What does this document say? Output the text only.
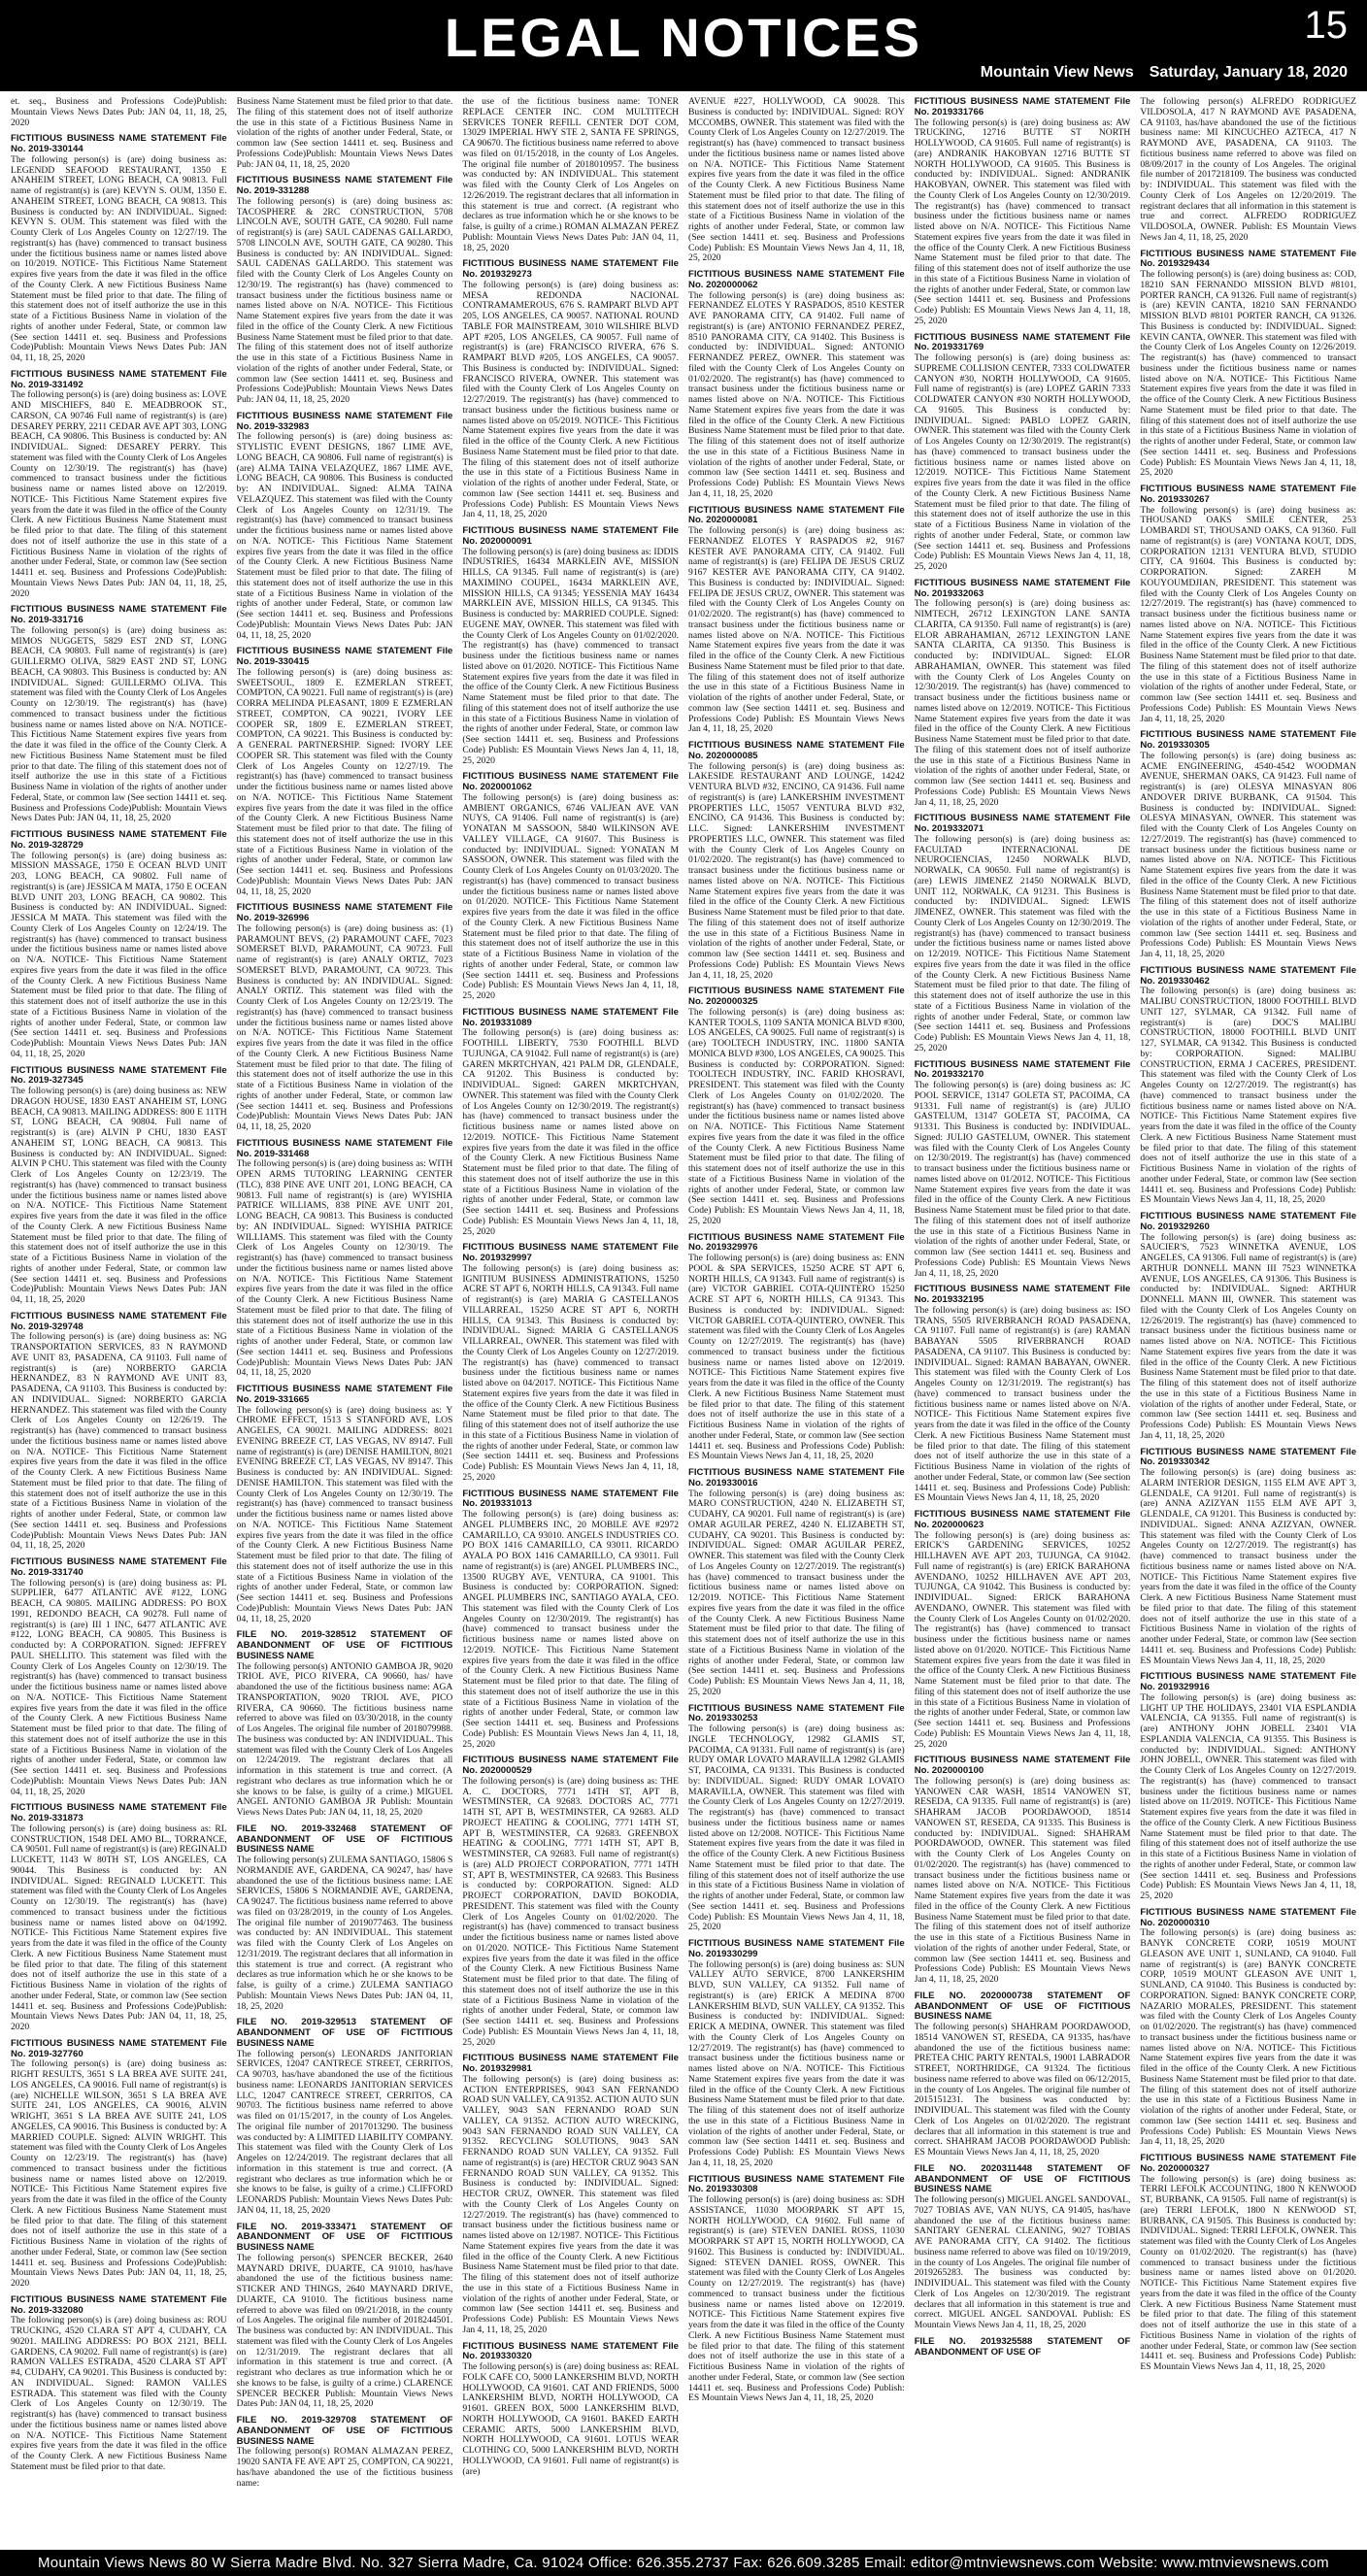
LEGAL NOTICES	15
Mountain View News Saturday, January 18, 2020
et. seq., Business and Professions Code)Publish: Mountain Views News Dates Pub: JAN 04, 11, 18, 25, 2020
FICTITIOUS BUSINESS NAME STATEMENT File No. 2019-330144
The following person(s) is (are) doing business as: LEGENDD SEAFOOD RESTAURANT, 1350 E ANAHEIM STREET, LONG BEACH, CA 90813. Full name of registrant(s) is (are) KEVYN S. OUM, 1350 E. ANAHEIM STREET, LONG BEACH, CA 90813. This Business is conducted by: AN INDIVIDUAL. Signed: KEVYN S. OUM. This statement was filed with the County Clerk of Los Angeles County on 12/27/19. The registrant(s) has (have) commenced to transact business under the fictitious business name or names listed above on 10/2019. NOTICE- This Fictitious Name Statement expires five years from the date it was filed in the office of the County Clerk. A new Fictitious Business Name Statement must be filed prior to that date. The filing of this statement does not of itself authorize the use in this state of a Fictitious Business Name in violation of the rights of another under Federal, State, or common law (See section 14411 et. seq. Business and Professions Code)Publish: Mountain Views News Dates Pub: JAN 04, 11, 18, 25, 2020
FICTITIOUS BUSINESS NAME STATEMENT File No. 2019-331492
The following person(s) is (are) doing business as: LOVE AND MISCHIEFS, 840 E. MEADBROOK ST., CARSON, CA 90746 Full name of registrant(s) is (are) DESAREY PERRY, 2211 CEDAR AVE APT 303, LONG BEACH, CA 90806. This Business is conducted by: AN INDIVIDUAL. Signed: DESAREY PERRY. This statement was filed with the County Clerk of Los Angeles County on 12/30/19. The registrant(s) has (have) commenced to transact business under the fictitious business name or names listed above on 12/2019. NOTICE- This Fictitious Name Statement expires five years from the date it was filed in the office of the County Clerk. A new Fictitious Business Name Statement must be filed prior to that date. The filing of this statement does not of itself authorize the use in this state of a Fictitious Business Name in violation of the rights of another under Federal, State, or common law (See section 14411 et. seq. Business and Professions Code)Publish: Mountain Views News Dates Pub: JAN 04, 11, 18, 25, 2020
FICTITIOUS BUSINESS NAME STATEMENT File No. 2019-331716
The following person(s) is (are) doing business as: MIMOS NUGGETS, 5829 EST 2ND ST, LONG BEACH, CA 90803. Full name of registrant(s) is (are) GUILLERMO OLIVA, 5829 EAST 2ND ST, LONG BEACH, CA 90803. This Business is conducted by: AN INDIVIDUAL. Signed: GUILLERMO OLIVA. This statement was filed with the County Clerk of Los Angeles County on 12/30/19. The registrant(s) has (have) commenced to transact business under the fictitious business name or names listed above on N/A. NOTICE- This Fictitious Name Statement expires five years from the date it was filed in the office of the County Clerk. A new Fictitious Business Name Statement must be filed prior to that date. The filing of this statement does not of itself authorize the use in this state of a Fictitious Business Name in violation of the rights of another under Federal, State, or common law (See section 14411 et. seq. Business and Professions Code)Publish: Mountain Views News Dates Pub: JAN 04, 11, 18, 25, 2020
FICTITIOUS BUSINESS NAME STATEMENT File No. 2019-328729
The following person(s) is (are) doing business as: MISSION MASSAGE, 1750 E OCEAN BLVD UNIT 203, LONG BEACH, CA 90802. Full name of registrant(s) is (are) JESSICA M MATA, 1750 E OCEAN BLVD UNIT 203, LONG BEACH, CA 90802. This Business is conducted by: AN INDIVIDUAL. Signed: JESSICA M MATA. This statement was filed with the County Clerk of Los Angeles County on 12/24/19. The registrant(s) has (have) commenced to transact business under the fictitious business name or names listed above on N/A. NOTICE- This Fictitious Name Statement expires five years from the date it was filed in the office of the County Clerk. A new Fictitious Business Name Statement must be filed prior to that date. The filing of this statement does not of itself authorize the use in this state of a Fictitious Business Name in violation of the rights of another under Federal, State, or common law (See section 14411 et. seq. Business and Professions Code)Publish: Mountain Views News Dates Pub: JAN 04, 11, 18, 25, 2020
FICTITIOUS BUSINESS NAME STATEMENT File No. 2019-327345
The following person(s) is (are) doing business as: NEW DRAGON HOUSE, 1830 EAST ANAHEIM ST, LONG BEACH, CA 90813. MAILING ADDRESS: 800 E 11TH ST, LONG BEACH, CA 90804. Full name of registrant(s) is (are) ALVIN P CHU, 1830 EAST ANAHEIM ST, LONG BEACH, CA 90813. This Business is conducted by: AN INDIVIDUAL. Signed: ALVIN P CHU. This statement was filed with the County Clerk of Los Angeles County on 12/23/19. The registrant(s) has (have) commenced to transact business under the fictitious business name or names listed above on N/A. NOTICE- This Fictitious Name Statement expires five years from the date it was filed in the office of the County Clerk. A new Fictitious Business Name Statement must be filed prior to that date. The filing of this statement does not of itself authorize the use in this state of a Fictitious Business Name in violation of the rights of another under Federal, State, or common law (See section 14411 et. seq. Business and Professions Code)Publish: Mountain Views News Dates Pub: JAN 04, 11, 18, 25, 2020
FICTITIOUS BUSINESS NAME STATEMENT File No. 2019-329748
The following person(s) is (are) doing business as: NG TRANSPORTATION SERVICES, 83 N RAYMOND AVE UNIT 83, PASADENA, CA 91103. Full name of registrant(s) is (are) NORBERTO GARCIA HERNANDEZ, 83 N RAYMOND AVE UNIT 83, PASADENA, CA 91103. This Business is conducted by: AN INDIVIDUAL. Signed: NORBERTO GARCIA HERNANDEZ. This statement was filed with the County Clerk of Los Angeles County on 12/26/19. The registrant(s) has (have) commenced to transact business under the fictitious business name or names listed above on N/A. NOTICE- This Fictitious Name Statement expires five years from the date it was filed in the office of the County Clerk. A new Fictitious Business Name Statement must be filed prior to that date. The filing of this statement does not of itself authorize the use in this state of a Fictitious Business Name in violation of the rights of another under Federal, State, or common law (See section 14411 et. seq. Business and Professions Code)Publish: Mountain Views News Dates Pub: JAN 04, 11, 18, 25, 2020
FICTITIOUS BUSINESS NAME STATEMENT File No. 2019-331740
The following person(s) is (are) doing business as: PL SUPPLIER, 6477 ATLANTIC AVE #122, LONG BEACH, CA 90805. MAILING ADDRESS: PO BOX 1991, REDONDO BEACH, CA 90278. Full name of registrant(s) is (are) III 1 INC, 6477 ATLANTIC AVE #122, LONG BEACH, CA 90805. This Business is conducted by: A CORPORATION. Signed: JEFFREY PAUL SHELLITO. This statement was filed with the County Clerk of Los Angeles County on 12/30/19. The registrant(s) has (have) commenced to transact business under the fictitious business name or names listed above on N/A. NOTICE- This Fictitious Name Statement expires five years from the date it was filed in the office of the County Clerk. A new Fictitious Business Name Statement must be filed prior to that date. The filing of this statement does not of itself authorize the use in this state of a Fictitious Business Name in violation of the rights of another under Federal, State, or common law (See section 14411 et. seq. Business and Professions Code)Publish: Mountain Views News Dates Pub: JAN 04, 11, 18, 25, 2020
FICTITIOUS BUSINESS NAME STATEMENT File No. 2019-331873
The following person(s) is (are) doing business as: RL CONSTRUCTION, 1548 DEL AMO BL., TORRANCE, CA 90501. Full name of registrant(s) is (are) REGINALD LUCKETT, 1143 W 80TH ST, LOS ANGELES, CA 90044. This Business is conducted by: AN INDIVIDUAL. Signed: REGINALD LUCKETT. This statement was filed with the County Clerk of Los Angeles County on 12/30/19. The registrant(s) has (have) commenced to transact business under the fictitious business name or names listed above on 04/1992. NOTICE- This Fictitious Name Statement expires five years from the date it was filed in the office of the County Clerk. A new Fictitious Business Name Statement must be filed prior to that date. The filing of this statement does not of itself authorize the use in this state of a Fictitious Business Name in violation of the rights of another under Federal, State, or common law (See section 14411 et. seq. Business and Professions Code)Publish: Mountain Views News Dates Pub: JAN 04, 11, 18, 25, 2020
FICTITIOUS BUSINESS NAME STATEMENT File No. 2019-327760
The following person(s) is (are) doing business as: RIGHT RESULTS, 3651 S LA BREA AVE SUITE 241, LOS ANGELES, CA 90016. Full name of registrant(s) is (are) NICHELLE WILSON, 3651 S LA BREA AVE SUITE 241, LOS ANGELES, CA 90016, ALVIN WRIGHT, 3651 S LA BREA AVE SUITE 241, LOS ANGELES, CA 90016. This Business is conducted by: A MARRIED COUPLE. Signed: ALVIN WRIGHT. This statement was filed with the County Clerk of Los Angeles County on 12/23/19. The registrant(s) has (have) commenced to transact business under the fictitious business name or names listed above on 12/2019. NOTICE- This Fictitious Name Statement expires five years from the date it was filed in the office of the County Clerk. A new Fictitious Business Name Statement must be filed prior to that date. The filing of this statement does not of itself authorize the use in this state of a Fictitious Business Name in violation of the rights of another under Federal, State, or common law (See section 14411 et. seq. Business and Professions Code)Publish: Mountain Views News Dates Pub: JAN 04, 11, 18, 25, 2020
FICTITIOUS BUSINESS NAME STATEMENT File No. 2019-332080
The following person(s) is (are) doing business as: ROU TRUCKING, 4520 CLARA ST APT 4, CUDAHY, CA 90201. MAILING ADDRESS: PO BOX 2121, BELL GARDENS, CA 90202. Full name of registrant(s) is (are) RAMON VALLES ESTRADA, 4520 CLARA ST APT #4, CUDAHY, CA 90201. This Business is conducted by: AN INDIVIDUAL. Signed: RAMON VALLES ESTRADA. This statement was filed with the County Clerk of Los Angeles County on 12/30/19. The registrant(s) has (have) commenced to transact business under the fictitious business name or names listed above on N/A. NOTICE- This Fictitious Name Statement expires five years from the date it was filed in the office of the County Clerk. A new Fictitious Business Name Statement must be filed prior to that date.
Business Name Statement must be filed prior to that date. The filing of this statement does not of itself authorize the use in this state of a Fictitious Business Name in violation of the rights of another under Federal, State, or common law (See section 14411 et. seq. Business and Professions Code)Publish: Mountain Views News Dates Pub: JAN 04, 11, 18, 25, 2020
FICTITIOUS BUSINESS NAME STATEMENT File No. 2019-331288
The following person(s) is (are) doing business as: TACOSPHERE & 2RC CONSTRUCTION, 5708 LINCOLN AVE, SOUTH GATE, CA 90280. Full name of registrant(s) is (are) SAUL CADENAS GALLARDO, 5708 LINCOLN AVE, SOUTH GATE, CA 90280. This Business is conducted by: AN INDIVIDUAL. Signed: SAUL CADENAS GALLARDO. This statement was filed with the County Clerk of Los Angeles County on 12/30/19. The registrant(s) has (have) commenced to transact business under the fictitious business name or names listed above on N/A. NOTICE- This Fictitious Name Statement expires five years from the date it was filed in the office of the County Clerk. A new Fictitious Business Name Statement must be filed prior to that date. The filing of this statement does not of itself authorize the use in this state of a Fictitious Business Name in violation of the rights of another under Federal, State, or common law (See section 14411 et. seq. Business and Professions Code)Publish: Mountain Views News Dates Pub: JAN 04, 11, 18, 25, 2020
FICTITIOUS BUSINESS NAME STATEMENT File No. 2019-332983
The following person(s) is (are) doing business as: STYLISTIC EVENT DESIGNS, 1867 LIME AVE, LONG BEACH, CA 90806. Full name of registrant(s) is (are) ALMA TAINA VELAZQUEZ, 1867 LIME AVE, LONG BEACH, CA 90806. This Business is conducted by: AN INDIVIDUAL. Signed: ALMA TAINA VELAZQUEZ. This statement was filed with the County Clerk of Los Angeles County on 12/31/19. The registrant(s) has (have) commenced to transact business under the fictitious business name or names listed above on N/A. NOTICE- This Fictitious Name Statement expires five years from the date it was filed in the office of the County Clerk. A new Fictitious Business Name Statement must be filed prior to that date. The filing of this statement does not of itself authorize the use in this state of a Fictitious Business Name in violation of the rights of another under Federal, State, or common law (See section 14411 et. seq. Business and Professions Code)Publish: Mountain Views News Dates Pub: JAN 04, 11, 18, 25, 2020
FICTITIOUS BUSINESS NAME STATEMENT File No. 2019-330415
The following person(s) is (are) doing business as: SWEETSOUL, 1809 E. EZMERLAN STREET, COMPTON, CA 90221. Full name of registrant(s) is (are) CORRA MELINDA PLEASANT, 1809 E EZMERLAN STREET, COMPTON, CA 90221, IVORY LEE COOPER SR, 1809 E. EZMERLAN STREET, COMPTON, CA 90221. This Business is conducted by: A GENERAL PARTNERSHIP. Signed: IVORY LEE COOPER SR. This statement was filed with the County Clerk of Los Angeles County on 12/27/19. The registrant(s) has (have) commenced to transact business under the fictitious business name or names listed above on N/A. NOTICE- This Fictitious Name Statement expires five years from the date it was filed in the office of the County Clerk. A new Fictitious Business Name Statement must be filed prior to that date. The filing of this statement does not of itself authorize the use in this state of a Fictitious Business Name in violation of the rights of another under Federal, State, or common law (See section 14411 et. seq. Business and Professions Code)Publish: Mountain Views News Dates Pub: JAN 04, 11, 18, 25, 2020
FICTITIOUS BUSINESS NAME STATEMENT File No. 2019-326996
The following person(s) is (are) doing business as: (1) PARAMOUNT BEVS, (2) PARAMOUNT CAFE, 7023 SOMERSET BLVD, PARAMOUNT, CA 90723. Full name of registrant(s) is (are) ANALY ORTIZ, 7023 SOMERSET BLVD, PARAMOUNT, CA 90723. This Business is conducted by: AN INDIVIDUAL. Signed: ANALY ORTIZ. This statement was filed with the County Clerk of Los Angeles County on 12/23/19. The registrant(s) has (have) commenced to transact business under the fictitious business name or names listed above on N/A. NOTICE- This Fictitious Name Statement expires five years from the date it was filed in the office of the County Clerk. A new Fictitious Business Name Statement must be filed prior to that date. The filing of this statement does not of itself authorize the use in this state of a Fictitious Business Name in violation of the rights of another under Federal, State, or common law (See section 14411 et. seq. Business and Professions Code)Publish: Mountain Views News Dates Pub: JAN 04, 11, 18, 25, 2020
FICTITIOUS BUSINESS NAME STATEMENT File No. 2019-331468
The following person(s) is (are) doing business as: WITH OPEN ARMS TUTORING LEARNING CENTER (TLC), 838 PINE AVE UNIT 201, LONG BEACH, CA 90813. Full name of registrant(s) is (are) WYISHIA PATRICE WILLIAMS, 838 PINE AVE UNIT 201, LONG BEACH, CA 90813. This Business is conducted by: AN INDIVIDUAL. Signed: WYISHIA PATRICE WILLIAMS. This statement was filed with the County Clerk of Los Angeles County on 12/30/19. The registrant(s) has (have) commenced to transact business under the fictitious business name or names listed above on N/A. NOTICE- This Fictitious Name Statement expires five years from the date it was filed in the office of the County Clerk. A new Fictitious Business Name Statement must be filed prior to that date. The filing of this statement does not of itself authorize the use in this state of a Fictitious Business Name in violation of the rights of another under Federal, State, or common law (See section 14411 et. seq. Business and Professions Code)Publish: Mountain Views News Dates Pub: JAN 04, 11, 18, 25, 2020
FICTITIOUS BUSINESS NAME STATEMENT File No. 2019-331665
The following person(s) is (are) doing business as: Y CHROME EFFECT, 1513 S STANFORD AVE, LOS ANGELES, CA 90021. MAILING ADDRESS: 8021 EVENING BREEZE CT, LAS VEGAS, NV 89147. Full name of registrant(s) is (are) DENISE HAMILTON, 8021 EVENING BREEZE CT, LAS VEGAS, NV 89147. This Business is conducted by: AN INDIVIDUAL. Signed: DENISE HAMILTON. This statement was filed with the County Clerk of Los Angeles County on 12/30/19. The registrant(s) has (have) commenced to transact business under the fictitious business name or names listed above on N/A. NOTICE- This Fictitious Name Statement expires five years from the date it was filed in the office of the County Clerk. A new Fictitious Business Name Statement must be filed prior to that date. The filing of this statement does not of itself authorize the use in this state of a Fictitious Business Name in violation of the rights of another under Federal, State, or common law (See section 14411 et. seq. Business and Professions Code)Publish: Mountain Views News Dates Pub: JAN 04, 11, 18, 25, 2020
FILE NO. 2019-328512 STATEMENT OF ABANDONMENT OF USE OF FICTITIOUS BUSINESS NAME
The following person(s) ANTONIO GAMBOA JR, 9020 TRIOL AVE, PICO RIVERA, CA 90660, has/ have abandoned the use of the fictitious business name: AGA TRANSPORTATION, 9020 TRIOL AVE, PICO RIVERA, CA 90660. The fictitious business name referred to above was filed on 03/30/2018, in the county of Los Angeles. The original file number of 2018079988. The business was conducted by: AN INDIVIDUAL. This statement was filed with the County Clerk of Los Angeles on 12/24/2019. The registrant declares that all information in this statement is true and correct. (A registrant who declares as true information which he or she knows to be false, is guilty of a crime.) MIGUEL ANGEL ANTONIO GAMBOA JR Publish: Mountain Views News Dates Pub: JAN 04, 11, 18, 25, 2020
FILE NO. 2019-332468 STATEMENT OF ABANDONMENT OF USE OF FICTITIOUS BUSINESS NAME
The following person(s) ZULEMA SANTIAGO, 15806 S NORMANDIE AVE, GARDENA, CA 90247, has/ have abandoned the use of the fictitious business name: LAE SERVICES, 15806 S NORMANDIE AVE, GARDENA, CA 90247. The fictitious business name referred to above was filed on 03/28/2019, in the county of Los Angeles. The original file number of 2019077463. The business was conducted by: AN INDIVIDUAL. This statement was filed with the County Clerk of Los Angeles on 12/31/2019. The registrant declares that all information in this statement is true and correct. (A registrant who declares as true information which he or she knows to be false, is guilty of a crime.) ZULEMA SANTIAGO Publish: Mountain Views News Dates Pub: JAN 04, 11, 18, 25, 2020
FILE NO. 2019-329513 STATEMENT OF ABANDONMENT OF USE OF FICTITIOUS BUSINESS NAME
The following person(s) LEONARDS JANITORIAN SERVICES, 12047 CANTRECE STREET, CERRITOS, CA 90703, has/have abandoned the use of the fictitious business name: LEONARDS JANITORIAN SERVICES LLC, 12047 CANTRECE STREET, CERRITOS, CA 90703. The fictitious business name referred to above was filed on 01/15/2017, in the county of Los Angeles. The original file number of 2017013290. The business was conducted by: A LIMITED LIABILITY COMPANY. This statement was filed with the County Clerk of Los Angeles on 12/24/2019. The registrant declares that all information in this statement is true and correct. (A registrant who declares as true information which he or she knows to be false, is guilty of a crime.) CLIFFORD LEONARDS Publish: Mountain Views News Dates Pub: JAN 04, 11, 18, 25, 2020
FILE NO. 2019-333471 STATEMENT OF ABANDONMENT OF USE OF FICTITIOUS BUSINESS NAME
The following person(s) SPENCER BECKER, 2640 MAYNARD DRIVE, DUARTE, CA 91010, has/have abandoned the use of the fictitious business name: STICKER AND THINGS, 2640 MAYNARD DRIVE, DUARTE, CA 91010. The fictitious business name referred to above was filed on 09/21/2018, in the county of Los Angeles. The original file number of 2018244501. The business was conducted by: AN INDIVIDUAL. This statement was filed with the County Clerk of Los Angeles on 12/31/2019. The registrant declares that all information in this statement is true and correct. (A registrant who declares as true information which he or she knows to be false, is guilty of a crime.) CLARENCE SPENCER BECKER Publish: Mountain Views News Dates Pub: JAN 04, 11, 18, 25, 2020
FILE NO. 2019-329708 STATEMENT OF ABANDONMENT OF USE OF FICTITIOUS BUSINESS NAME
The following person(s) ROMAN ALMAZAN PEREZ, 19020 SANTA FE AVE APT 25, COMPTON, CA 90221, has/have abandoned the use of the fictitious business name:
the use of the fictitious business name: TONER REPLACE CENTER INC. COM MULTITECH SERVICES TONER REFILL CENTER DOT COM, 13029 IMPERIAL HWY STE 2, SANTA FE SPRINGS, CA 90670. The fictitious business name referred to above was filed on 01/15/2018, in the county of Los Angeles. The original file number of 2018010957. The business was conducted by: AN INDIVIDUAL. This statement was filed with the County Clerk of Los Angeles on 12/26/2019. The registrant declares that all information in this statement is true and correct. (A registrant who declares as true information which he or she knows to be false, is guilty of a crime.) ROMAN ALMAZAN PEREZ Publish: Mountain Views News Dates Pub: JAN 04, 11, 18, 25, 2020
FICTITIOUS BUSINESS NAME STATEMENT File No. 2019329273
The following person(s) is (are) doing business as: MESA REDONDA NACIONAL CONTRAMAMEROUS, 676 S. RAMPART BLVD APT 205, LOS ANGELES, CA 90057. NATIONAL ROUND TABLE FOR MAINSTREAM, 3010 WILSHIRE BLVD APT #205, LOS ANGELES, CA 90057. Full name of registrant(s) is (are) FRANCISCO RIVERA, 676 S. RAMPART BLVD #205, LOS ANGELES, CA 90057. This Business is conducted by: INDIVIDUAL. Signed: FRANCISCO RIVERA, OWNER. This statement was filed with the County Clerk of Los Angeles County on 12/27/2019. The registrant(s) has (have) commenced to transact business under the fictitious business name or names listed above on 05/2019. NOTICE- This Fictitious Name Statement expires five years from the date it was filed in the office of the County Clerk. A new Fictitious Business Name Statement must be filed prior to that date. The filing of this statement does not of itself authorize the use in this state of a Fictitious Business Name in violation of the rights of another under Federal, State, or common law (See section 14411 et. seq. Business and Professions Code) Publish: ES Mountain Views News Jan 4, 11, 18, 25, 2020
FICTITIOUS BUSINESS NAME STATEMENT File No. 2020000091
The following person(s) is (are) doing business as: IDDIS INDUSTRIES, 16434 MARKLEIN AVE, MISSION HILLS, CA 91345. Full name of registrant(s) is (are) MAXIMINO COUPEL, 16434 MARKLEIN AVE, MISSION HILLS, CA 91345; YESSENIA MAY 16434 MARKLEIN AVE, MISSION HILLS, CA 91345. This Business is conducted by: MARRIED COUPLE. Signed: EUGENE MAY, OWNER. This statement was filed with the County Clerk of Los Angeles County on 01/02/2020. The registrant(s) has (have) commenced to transact business under the fictitious business name or names listed above on 01/2020. NOTICE- This Fictitious Name Statement expires five years from the date it was filed in the office of the County Clerk. A new Fictitious Business Name Statement must be filed prior to that date. The filing of this statement does not of itself authorize the use in this state of a Fictitious Business Name in violation of the rights of another under Federal, State, or common law (See section 14411 et. seq. Business and Professions Code) Publish: ES Mountain Views News Jan 4, 11, 18, 25, 2020
FICTITIOUS BUSINESS NAME STATEMENT File No. 2020001062
The following person(s) is (are) doing business as: AMBIENT ORGANICS, 6746 VALJEAN AVE VAN NUYS, CA 91406. Full name of registrant(s) is (are) YONATAN M SASSOON, 5840 WILKINSON AVE VALLEY VILLAGE, CA 91607. This Business is conducted by: INDIVIDUAL. Signed: YONATAN M SASSOON, OWNER. This statement was filed with the County Clerk of Los Angeles County on 01/03/2020. The registrant(s) has (have) commenced to transact business under the fictitious business name or names listed above on 01/2020. NOTICE- This Fictitious Name Statement expires five years from the date it was filed in the office of the County Clerk. A new Fictitious Business Name Statement must be filed prior to that date. The filing of this statement does not of itself authorize the use in this state of a Fictitious Business Name in violation of the rights of another under Federal, State, or common law (See section 14411 et. seq. Business and Professions Code) Publish: ES Mountain Views News Jan 4, 11, 18, 25, 2020
FICTITIOUS BUSINESS NAME STATEMENT File No. 2019331089
The following person(s) is (are) doing business as: FOOTHILL LIBERTY, 7530 FOOTHILL BLVD TUJUNGA, CA 91042. Full name of registrant(s) is (are) GAREN MKRTCHYAN, 421 PALM DR, GLENDALE, CA 91202. This Business is conducted by: INDIVIDUAL. Signed: GAREN MKRTCHYAN, OWNER. This statement was filed with the County Clerk of Los Angeles County on 12/30/2019. The registrant(s) has (have) commenced to transact business under the fictitious business name or names listed above on 12/2019. NOTICE- This Fictitious Name Statement expires five years from the date it was filed in the office of the County Clerk. A new Fictitious Business Name Statement must be filed prior to that date. The filing of this statement does not of itself authorize the use in this state of a Fictitious Business Name in violation of the rights of another under Federal, State, or common law (See section 14411 et. seq. Business and Professions Code) Publish: ES Mountain Views News Jan 4, 11, 18, 25, 2020
FICTITIOUS BUSINESS NAME STATEMENT File No. 2019329997
The following person(s) is (are) doing business as: IGNITIUM BUSINESS ADMINISTRATIONS, 15250 ACRE ST APT 6, NORTH HILLS, CA 91343. Full name of registrant(s) is (are) MARIA G CASTELLANOS VILLARREAL, 15250 ACRE ST APT 6, NORTH HILLS, CA 91343. This Business is conducted by: INDIVIDUAL. Signed: MARIA G CASTELLANOS VILLARREAL, OWNER. This statement was filed with the County Clerk of Los Angeles County on 12/27/2019. The registrant(s) has (have) commenced to transact business under the fictitious business name or names listed above on 04/2017. NOTICE- This Fictitious Name Statement expires five years from the date it was filed in the office of the County Clerk. A new Fictitious Business Name Statement must be filed prior to that date. The filing of this statement does not of itself authorize the use in this state of a Fictitious Business Name in violation of the rights of another under Federal, State, or common law (See section 14411 et. seq. Business and Professions Code) Publish: ES Mountain Views News Jan 4, 11, 18, 25, 2020
FICTITIOUS BUSINESS NAME STATEMENT File No. 2019331013
The following person(s) is (are) doing business as: ANGEL PLUMBERS INC, 20 MOBILE AVE #2972 CAMARILLO, CA 93010. ANGELS INDUSTRIES CO. PO BOX 1416 CAMARILLO, CA 93011. RICARDO AYALA PO BOX 1416 CAMARILLO, CA 93011. Full name of registrant(s) is (are) ANGEL PLUMBERS INC., 13500 RUGBY AVE, VENTURA, CA 91001. This Business is conducted by: CORPORATION. Signed: ANGEL PLUMBERS INC, SANTIAGO AYALA, CEO. This statement was filed with the County Clerk of Los Angeles County on 12/30/2019. The registrant(s) has (have) commenced to transact business under the fictitious business name or names listed above on 12/2019. NOTICE- This Fictitious Name Statement expires five years from the date it was filed in the office of the County Clerk. A new Fictitious Business Name Statement must be filed prior to that date. The filing of this statement does not of itself authorize the use in this state of a Fictitious Business Name in violation of the rights of another under Federal, State, or common law (See section 14411 et. seq. Business and Professions Code) Publish: ES Mountain Views News Jan 4, 11, 18, 25, 2020
FICTITIOUS BUSINESS NAME STATEMENT File No. 2020000529
The following person(s) is (are) doing business as: THE A. C. DOCTORS, 7771 14TH ST, APT B, WESTMINSTER, CA 92683. DOCTORS AC, 7771 14TH ST, APT B, WESTMINSTER, CA 92683. ALD PROJECT HEATING & COOLING, 7771 14TH ST, APT B, WESTMINSTER, CA 92683. GREENBOX HEATING & COOLING, 7771 14TH ST, APT B, WESTMINSTER, CA 92683. Full name of registrant(s) is (are) ALD PROJECT CORPORATION, 7771 14TH ST, APT B, WESTMINSTER, CA 92683. This Business is conducted by: CORPORATION. Signed: ALD PROJECT CORPORATION, DAVID BOKODIA, PRESIDENT. This statement was filed with the County Clerk of Los Angeles County on 01/02/2020. The registrant(s) has (have) commenced to transact business under the fictitious business name or names listed above on 01/2020. NOTICE- This Fictitious Name Statement expires five years from the date it was filed in the office of the County Clerk. A new Fictitious Business Name Statement must be filed prior to that date. The filing of this statement does not of itself authorize the use in this state of a Fictitious Business Name in violation of the rights of another under Federal, State, or common law (See section 14411 et. seq. Business and Professions Code) Publish: ES Mountain Views News Jan 4, 11, 18, 25, 2020
FICTITIOUS BUSINESS NAME STATEMENT File No. 2019329981
The following person(s) is (are) doing business as: ACTION ENTERPRISES, 9043 SAN FERNANDO ROAD SUN VALLEY, CA 91352. ACTION AUTO SUN VALLEY, 9043 SAN FERNANDO ROAD SUN VALLEY, CA 91352. ACTION AUTO WRECKING, 9043 SAN FERNANDO ROAD SUN VALLEY, CA 91352. RECYCLING SOLUTIONS, 9043 SAN FERNANDO ROAD SUN VALLEY, CA 91352. Full name of registrant(s) is (are) HECTOR CRUZ 9043 SAN FERNANDO ROAD SUN VALLEY, CA 91352. This Business is conducted by: INDIVIDUAL. Signed: HECTOR CRUZ, OWNER. This statement was filed with the County Clerk of Los Angeles County on 12/27/2019. The registrant(s) has (have) commenced to transact business under the fictitious business name or names listed above on 12/1987. NOTICE- This Fictitious Name Statement expires five years from the date it was filed in the office of the County Clerk. A new Fictitious Business Name Statement must be filed prior to that date. The filing of this statement does not of itself authorize the use in this state of a Fictitious Business Name in violation of the rights of another under Federal, State, or common law (See section 14411 et. seq. Business and Professions Code) Publish: ES Mountain Views News Jan 4, 11, 18, 25, 2020
FICTITIOUS BUSINESS NAME STATEMENT File No. 2019330320
The following person(s) is (are) doing business as: REAL FOLK CAFE CO, 5000 LANKERSHIM BLVD, NORTH HOLLYWOOD, CA 91601. CAT AND FRIENDS, 5000 LANKERSHIM BLVD, NORTH HOLLYWOOD, CA 91601. GREEN BOX, 5000 LANKERSHIM BLVD, NORTH HOLLYWOOD, CA 91601. BAKED EARTH CERAMIC ARTS, 5000 LANKERSHIM BLVD, NORTH HOLLYWOOD, CA 91601. LOTUS WEAR CLOTHING CO, 5000 LANKERSHIM BLVD, NORTH HOLLYWOOD, CA 91601. Full name of registrant(s) is (are)
AVENUE #227, HOLLYWOOD, CA 90028. This Business is conducted by: INDIVIDUAL. Signed: ROY MCCOMBS, OWNER. This statement was filed with the County Clerk of Los Angeles County on 12/27/2019. The registrant(s) has (have) commenced to transact business under the fictitious business name or names listed above on N/A. NOTICE- This Fictitious Name Statement expires five years from the date it was filed in the office of the County Clerk. A new Fictitious Business Name Statement must be filed prior to that date. The filing of this statement does not of itself authorize the use in this state of a Fictitious Business Name in violation of the rights of another under Federal, State, or common law (See section 14411 et. seq. Business and Professions Code) Publish: ES Mountain Views News Jan 4, 11, 18, 25, 2020
FICTITIOUS BUSINESS NAME STATEMENT File No. 2020000062
The following person(s) is (are) doing business as: FERNANDEZ ELOTES Y RASPADOS, 8510 KESTER AVE PANORAMA CITY, CA 91402. Full name of registrant(s) is (are) ANTONIO FERNANDEZ PEREZ, 8510 PANORAMA CITY, CA 91402. This Business is conducted by: INDIVIDUAL. Signed: ANTONIO FERNANDEZ PEREZ, OWNER. This statement was filed with the County Clerk of Los Angeles County on 01/02/2020. The registrant(s) has (have) commenced to transact business under the fictitious business name or names listed above on N/A. NOTICE- This Fictitious Name Statement expires five years from the date it was filed in the office of the County Clerk. A new Fictitious Business Name Statement must be filed prior to that date. The filing of this statement does not of itself authorize the use in this state of a Fictitious Business Name in violation of the rights of another under Federal, State, or common law (See section 14411 et. seq. Business and Professions Code) Publish: ES Mountain Views News Jan 4, 11, 18, 25, 2020
FICTITIOUS BUSINESS NAME STATEMENT File No. 2020000081
The following person(s) is (are) doing business as: FERNANDEZ ELOTES Y RASPADOS #2, 9167 KESTER AVE PANORAMA CITY, CA 91402. Full name of registrant(s) is (are) FELIPA DE JESUS CRUZ 9167 KESTER AVE PANORAMA CITY, CA 91402. This Business is conducted by: INDIVIDUAL. Signed: FELIPA DE JESUS CRUZ, OWNER. This statement was filed with the County Clerk of Los Angeles County on 01/02/2020. The registrant(s) has (have) commenced to transact business under the fictitious business name or names listed above on N/A. NOTICE- This Fictitious Name Statement expires five years from the date it was filed in the office of the County Clerk. A new Fictitious Business Name Statement must be filed prior to that date. The filing of this statement does not of itself authorize the use in this state of a Fictitious Business Name in violation of the rights of another under Federal, State, or common law (See section 14411 et. seq. Business and Professions Code) Publish: ES Mountain Views News Jan 4, 11, 18, 25, 2020
FICTITIOUS BUSINESS NAME STATEMENT File No. 2020000085
The following person(s) is (are) doing business as: LAKESIDE RESTAURANT AND LOUNGE, 14242 VENTURA BLVD #32, ENCINO, CA 91436. Full name of registrant(s) is (are) LANKERSHIM INVESTMENT PROPERTIES LLC, 15057 VENTURA BLVD #32, ENCINO, CA 91436. This Business is conducted by: LLC. Signed: LANKERSHIM INVESTMENT PROPERTIES LLC, OWNER. This statement was filed with the County Clerk of Los Angeles County on 01/02/2020. The registrant(s) has (have) commenced to transact business under the fictitious business name or names listed above on N/A. NOTICE- This Fictitious Name Statement expires five years from the date it was filed in the office of the County Clerk. A new Fictitious Business Name Statement must be filed prior to that date. The filing of this statement does not of itself authorize the use in this state of a Fictitious Business Name in violation of the rights of another under Federal, State, or common law (See section 14411 et. seq. Business and Professions Code) Publish: ES Mountain Views News Jan 4, 11, 18, 25, 2020
FICTITIOUS BUSINESS NAME STATEMENT File No. 2020000325
The following person(s) is (are) doing business as: KANTER TOOLS, 1109 SANTA MONICA BLVD #300, LOS ANGELES, CA 90025. Full name of registrant(s) is (are) TOOLTECH INDUSTRY, INC. 11800 SANTA MONICA BLVD #300, LOS ANGELES, CA 90025. This Business is conducted by: CORPORATION. Signed: TOOLTECH INDUSTRY, INC. FARID KHOSRAVI, PRESIDENT. This statement was filed with the County Clerk of Los Angeles County on 01/02/2020. The registrant(s) has (have) commenced to transact business under the fictitious business name or names listed above on N/A. NOTICE- This Fictitious Name Statement expires five years from the date it was filed in the office of the County Clerk. A new Fictitious Business Name Statement must be filed prior to that date. The filing of this statement does not of itself authorize the use in this state of a Fictitious Business Name in violation of the rights of another under Federal, State, or common law (See section 14411 et. seq. Business and Professions Code) Publish: ES Mountain Views News Jan 4, 11, 18, 25, 2020
FICTITIOUS BUSINESS NAME STATEMENT File No. 2019329976
The following person(s) is (are) doing business as: ENN POOL & SPA SERVICES, 15250 ACRE ST APT 6, NORTH HILLS, CA 91343. Full name of registrant(s) is (are) VICTOR GABRIEL COTA-QUINTERO 15250 ACRE ST APT 6, NORTH HILLS, CA 91343. This Business is conducted by: INDIVIDUAL. Signed: VICTOR GABRIEL COTA-QUINTERO, OWNER. This statement was filed with the County Clerk of Los Angeles County on 12/27/2019. The registrant(s) has (have) commenced to transact business under the fictitious business name or names listed above on 12/2019. NOTICE- This Fictitious Name Statement expires five years from the date it was filed in the office of the County Clerk. A new Fictitious Business Name Statement must be filed prior to that date. The filing of this statement does not of itself authorize the use in this state of a Fictitious Business Name in violation of the rights of another under Federal, State, or common law (See section 14411 et. seq. Business and Professions Code) Publish: ES Mountain Views News Jan 4, 11, 18, 25, 2020
FICTITIOUS BUSINESS NAME STATEMENT File No. 2019330016
The following person(s) is (are) doing business as: MARO CONSTRUCTION, 4240 N. ELIZABETH ST, CUDAHY, CA 90201. Full name of registrant(s) is (are) OMAR AGUILAR PEREZ, 4240 N. ELIZABETH ST, CUDAHY, CA 90201. This Business is conducted by: INDIVIDUAL. Signed: OMAR AGUILAR PEREZ, OWNER. This statement was filed with the County Clerk of Los Angeles County on 12/27/2019. The registrant(s) has (have) commenced to transact business under the fictitious business name or names listed above on 12/2019. NOTICE- This Fictitious Name Statement expires five years from the date it was filed in the office of the County Clerk. A new Fictitious Business Name Statement must be filed prior to that date. The filing of this statement does not of itself authorize the use in this state of a Fictitious Business Name in violation of the rights of another under Federal, State, or common law (See section 14411 et. seq. Business and Professions Code) Publish: ES Mountain Views News Jan 4, 11, 18, 25, 2020
FICTITIOUS BUSINESS NAME STATEMENT File No. 2019330253
The following person(s) is (are) doing business as: INGLE TECHNOLOGY, 12982 GLAMIS ST, PACOIMA, CA 91331. Full name of registrant(s) is (are) RUDY OMAR LOVATO MARAVILLA 12982 GLAMIS ST, PACOIMA, CA 91331. This Business is conducted by: INDIVIDUAL. Signed: RUDY OMAR LOVATO MARAVILLA, OWNER. This statement was filed with the County Clerk of Los Angeles County on 12/27/2019. The registrant(s) has (have) commenced to transact business under the fictitious business name or names listed above on 12/2008. NOTICE- This Fictitious Name Statement expires five years from the date it was filed in the office of the County Clerk. A new Fictitious Business Name Statement must be filed prior to that date. The filing of this statement does not of itself authorize the use in this state of a Fictitious Business Name in violation of the rights of another under Federal, State, or common law (See section 14411 et. seq. Business and Professions Code) Publish: ES Mountain Views News Jan 4, 11, 18, 25, 2020
FICTITIOUS BUSINESS NAME STATEMENT File No. 2019330299
The following person(s) is (are) doing business as: SUN VALLEY AUTO SERVICE, 8700 LANKERSHIM BLVD, SUN VALLEY, CA 91352. Full name of registrant(s) is (are) ERICK A MEDINA 8700 LANKERSHIM BLVD, SUN VALLEY, CA 91352. This Business is conducted by: INDIVIDUAL. Signed: ERICK A MEDINA, OWNER. This statement was filed with the County Clerk of Los Angeles County on 12/27/2019. The registrant(s) has (have) commenced to transact business under the fictitious business name or names listed above on N/A. NOTICE- This Fictitious Name Statement expires five years from the date it was filed in the office of the County Clerk. A new Fictitious Business Name Statement must be filed prior to that date. The filing of this statement does not of itself authorize the use in this state of a Fictitious Business Name in violation of the rights of another under Federal, State, or common law (See section 14411 et. seq. Business and Professions Code) Publish: ES Mountain Views News Jan 4, 11, 18, 25, 2020
FICTITIOUS BUSINESS NAME STATEMENT File No. 2019330308
The following person(s) is (are) doing business as: SDH ASSISTANCE, 11030 MOORPARK ST APT 15, NORTH HOLLYWOOD, CA 91602. Full name of registrant(s) is (are) STEVEN DANIEL ROSS, 11030 MOORPARK ST APT 15, NORTH HOLLYWOOD, CA 91602. This Business is conducted by: INDIVIDUAL. Signed: STEVEN DANIEL ROSS, OWNER. This statement was filed with the County Clerk of Los Angeles County on 12/27/2019. The registrant(s) has (have) commenced to transact business under the fictitious business name or names listed above on 12/2019. NOTICE- This Fictitious Name Statement expires five years from the date it was filed in the office of the County Clerk. A new Fictitious Business Name Statement must be filed prior to that date. The filing of this statement does not of itself authorize the use in this state of a Fictitious Business Name in violation of the rights of another under Federal, State, or common law (See section 14411 et. seq. Business and Professions Code) Publish: ES Mountain Views News Jan 4, 11, 18, 25, 2020
FICTITIOUS BUSINESS NAME STATEMENT File No. 2019331766
The following person(s) is (are) doing business as: AW TRUCKING, 12716 BUTTE ST NORTH HOLLYWOOD, CA 91605. Full name of registrant(s) is (are) ANDRANIK HAKOBYAN 12716 BUTTE ST NORTH HOLLYWOOD, CA 91605. This Business is conducted by: INDIVIDUAL. Signed: ANDRANIK HAKOBYAN, OWNER. This statement was filed with the County Clerk of Los Angeles County on 12/30/2019. The registrant(s) has (have) commenced to transact business under the fictitious business name or names listed above on N/A. NOTICE- This Fictitious Name Statement expires five years from the date it was filed in the office of the County Clerk. A new Fictitious Business Name Statement must be filed prior to that date. The filing of this statement does not of itself authorize the use in this state of a Fictitious Business Name in violation of the rights of another under Federal, State, or common law (See section 14411 et. seq. Business and Professions Code) Publish: ES Mountain Views News Jan 4, 11, 18, 25, 2020
FICTITIOUS BUSINESS NAME STATEMENT File No. 2019331769
The following person(s) is (are) doing business as: SUPREME COLLISION CENTER, 7333 COLDWATER CANYON #30, NORTH HOLLYWOOD, CA 91605. Full name of registrant(s) is (are) LOPEZ GARIN 7333 COLDWATER CANYON #30 NORTH HOLLYWOOD, CA 91605. This Business is conducted by: INDIVIDUAL. Signed: PABLO LOPEZ GARIN, OWNER. This statement was filed with the County Clerk of Los Angeles County on 12/30/2019. The registrant(s) has (have) commenced to transact business under the fictitious business name or names listed above on 12/2019. NOTICE- This Fictitious Name Statement expires five years from the date it was filed in the office of the County Clerk. A new Fictitious Business Name Statement must be filed prior to that date. The filing of this statement does not of itself authorize the use in this state of a Fictitious Business Name in violation of the rights of another under Federal, State, or common law (See section 14411 et. seq. Business and Professions Code) Publish: ES Mountain Views News Jan 4, 11, 18, 25, 2020
FICTITIOUS BUSINESS NAME STATEMENT File No. 2019332063
The following person(s) is (are) doing business as: NIMTECH, 26712 LEXINGTON LANE SANTA CLARITA, CA 91350. Full name of registrant(s) is (are) ELOR ABRAHAMIAN, 26712 LEXINGTON LANE SANTA CLARITA, CA 91350. This Business is conducted by: INDIVIDUAL. Signed: ELOR ABRAHAMIAN, OWNER. This statement was filed with the County Clerk of Los Angeles County on 12/30/2019. The registrant(s) has (have) commenced to transact business under the fictitious business name or names listed above on 12/2019. NOTICE- This Fictitious Name Statement expires five years from the date it was filed in the office of the County Clerk. A new Fictitious Business Name Statement must be filed prior to that date. The filing of this statement does not of itself authorize the use in this state of a Fictitious Business Name in violation of the rights of another under Federal, State, or common law (See section 14411 et. seq. Business and Professions Code) Publish: ES Mountain Views News Jan 4, 11, 18, 25, 2020
FICTITIOUS BUSINESS NAME STATEMENT File No. 2019332071
The following person(s) is (are) doing business as: FACULTAD INTERNACIONAL DE NEUROCIENCIAS, 12450 NORWALK BLVD, NORWALK, CA 90650. Full name of registrant(s) is (are) LEWIS JIMENEZ 21450 NORWALK BLVD, UNIT 112, NORWALK, CA 91231. This Business is conducted by: INDIVIDUAL. Signed: LEWIS JIMENEZ, OWNER. This statement was filed with the County Clerk of Los Angeles County on 12/30/2019. The registrant(s) has (have) commenced to transact business under the fictitious business name or names listed above on 12/2019. NOTICE- This Fictitious Name Statement expires five years from the date it was filed in the office of the County Clerk. A new Fictitious Business Name Statement must be filed prior to that date. The filing of this statement does not of itself authorize the use in this state of a Fictitious Business Name in violation of the rights of another under Federal, State, or common law (See section 14411 et. seq. Business and Professions Code) Publish: ES Mountain Views News Jan 4, 11, 18, 25, 2020
FICTITIOUS BUSINESS NAME STATEMENT File No. 2019332170
The following person(s) is (are) doing business as: JC POOL SERVICE, 13147 GOLETA ST, PACOIMA, CA 91331. Full name of registrant(s) is (are) JULIO GASTELUM, 13147 GOLETA ST, PACOIMA, CA 91331. This Business is conducted by: INDIVIDUAL. Signed: JULIO GASTELUM, OWNER. This statement was filed with the County Clerk of Los Angeles County on 12/30/2019. The registrant(s) has (have) commenced to transact business under the fictitious business name or names listed above on 01/2012. NOTICE- This Fictitious Name Statement expires five years from the date it was filed in the office of the County Clerk. A new Fictitious Business Name Statement must be filed prior to that date. The filing of this statement does not of itself authorize the use in this state of a Fictitious Business Name in violation of the rights of another under Federal, State, or common law (See section 14411 et. seq. Business and Professions Code) Publish: ES Mountain Views News Jan 4, 11, 18, 25, 2020
FICTITIOUS BUSINESS NAME STATEMENT File No. 2019332195
The following person(s) is (are) doing business as: ISO TRANS, 5505 RIVERBRANCH ROAD PASADENA, CA 91107. Full name of registrant(s) is (are) RAMAN BABAYAN 5505 RIVERBRANCH ROAD PASADENA, CA 91107. This Business is conducted by: INDIVIDUAL. Signed: RAMAN BABAYAN, OWNER. This statement was filed with the County Clerk of Los Angeles County on 12/31/2019. The registrant(s) has (have) commenced to transact business under the fictitious business name or names listed above on N/A. NOTICE- This Fictitious Name Statement expires five years from the date it was filed in the office of the County Clerk. A new Fictitious Business Name Statement must be filed prior to that date. The filing of this statement does not of itself authorize the use in this state of a Fictitious Business Name in violation of the rights of another under Federal, State, or common law (See section 14411 et. seq. Business and Professions Code) Publish: ES Mountain Views News Jan 4, 11, 18, 25, 2020
FICTITIOUS BUSINESS NAME STATEMENT File No. 2020000623
The following person(s) is (are) doing business as: ERICK'S GARDENING SERVICES, 10252 HILLHAVEN AVE APT 203, TUJUNGA, CA 91042. Full name of registrant(s) is (are) ERICK BARAHONA AVENDANO, 10252 HILLHAVEN AVE APT 203, TUJUNGA, CA 91042. This Business is conducted by: INDIVIDUAL. Signed: ERICK BARAHONA AVENDANO, OWNER. This statement was filed with the County Clerk of Los Angeles County on 01/02/2020. The registrant(s) has (have) commenced to transact business under the fictitious business name or names listed above on 01/2020. NOTICE- This Fictitious Name Statement expires five years from the date it was filed in the office of the County Clerk. A new Fictitious Business Name Statement must be filed prior to that date. The filing of this statement does not of itself authorize the use in this state of a Fictitious Business Name in violation of the rights of another under Federal, State, or common law (See section 14411 et. seq. Business and Professions Code) Publish: ES Mountain Views News Jan 4, 11, 18, 25, 2020
FICTITIOUS BUSINESS NAME STATEMENT File No. 2020000100
The following person(s) is (are) doing business as: YANOWEN CAR WASH, 18514 VANOWEN ST, RESEDA, CA 91335. Full name of registrant(s) is (are) SHAHRAM JACOB POORDAWOOD, 18514 VANOWEN ST, RESEDA, CA 91335. This Business is conducted by: INDIVIDUAL. Signed: SHAHRAM POORDAWOOD, OWNER. This statement was filed with the County Clerk of Los Angeles County on 01/02/2020. The registrant(s) has (have) commenced to transact business under the fictitious business name or names listed above on N/A. NOTICE- This Fictitious Name Statement expires five years from the date it was filed in the office of the County Clerk. A new Fictitious Business Name Statement must be filed prior to that date. The filing of this statement does not of itself authorize the use in this state of a Fictitious Business Name in violation of the rights of another under Federal, State, or common law (See section 14411 et. seq. Business and Professions Code) Publish: ES Mountain Views News Jan 4, 11, 18, 25, 2020
FILE NO. 2020000738 STATEMENT OF ABANDONMENT OF USE OF FICTITIOUS BUSINESS NAME
The following person(s) SHAHRAM POORDAWOOD, 18514 VANOWEN ST, RESEDA, CA 91335, has/have abandoned the use of the fictitious business name: PRETEA CHIC PARTY RENTALS, 19001 LABRADOR STREET, NORTHRIDGE, CA 91324. The fictitious business name referred to above was filed on 06/12/2015, in the county of Los Angeles. The original file number of 2015151231. The business was conducted by: INDIVIDUAL. This statement was filed with the County Clerk of Los Angeles on 01/02/2020. The registrant declares that all information in this statement is true and correct. SHAHRAM JACOB POORDAWOOD Publish: ES Mountain Views News Jan 4, 11, 18, 25, 2020
FILE NO. 2020311448 STATEMENT OF ABANDONMENT OF USE OF FICTITIOUS BUSINESS NAME
The following person(s) MIGUEL ANGEL SANDOVAL, 7027 TOBIAS AVE, VAN NUYS, CA 91405, has/have abandoned the use of the fictitious business name: SANITARY GENERAL CLEANING, 9027 TOBIAS AVE PANORAMA CITY, CA 91402. The fictitious business name referred to above was filed on 10/19/2019, in the county of Los Angeles. The original file number of 2019265283. The business was conducted by: INDIVIDUAL. This statement was filed with the County Clerk of Los Angeles on 12/30/2019. The registrant declares that all information in this statement is true and correct. MIGUEL ANGEL SANDOVAL Publish: ES Mountain Views News Jan 4, 11, 18, 25, 2020
FILE NO. 2019325588 STATEMENT OF ABANDONMENT OF USE OF
The following person(s) ALFREDO RODRIGUEZ VILDOSOLA, 417 N RAYMOND AVE PASADENA, CA 91103, has/have abandoned the use of the fictitious business name: MI KINCUCHEO AZTECA, 417 N RAYMOND AVE, PASADENA, CA 91103. The fictitious business name referred to above was filed on 08/09/2017 in the county of Los Angeles. The original file number of 2017218109. The business was conducted by: INDIVIDUAL. This statement was filed with the County Clerk of Los Angeles on 12/20/2019. The registrant declares that all information in this statement is true and correct. ALFREDO RODRIGUEZ VILDOSOLA, OWNER. Publish: ES Mountain Views News Jan 4, 11, 18, 25, 2020
FICTITIOUS BUSINESS NAME STATEMENT File No. 2019329434
The following person(s) is (are) doing business as: COD, 18210 SAN FERNANDO MISSION BLVD #8101, PORTER RANCH, CA 91326. Full name of registrant(s) is (are) KEVIN CANTA, 18210 SAN FERNANDO MISSION BLVD #8101 PORTER RANCH, CA 91326. This Business is conducted by: INDIVIDUAL. Signed: KEVIN CANTA, OWNER. This statement was filed with the County Clerk of Los Angeles County on 12/26/2019. The registrant(s) has (have) commenced to transact business under the fictitious business name or names listed above on N/A. NOTICE- This Fictitious Name Statement expires five years from the date it was filed in the office of the County Clerk. A new Fictitious Business Name Statement must be filed prior to that date. The filing of this statement does not of itself authorize the use in this state of a Fictitious Business Name in violation of the rights of another under Federal, State, or common law (See section 14411 et. seq. Business and Professions Code) Publish: ES Mountain Views News Jan 4, 11, 18, 25, 2020
FICTITIOUS BUSINESS NAME STATEMENT File No. 2019330267
The following person(s) is (are) doing business as: THOUSAND OAKS SMILE CENTER, 253 LOMBARDI ST, THOUSAND OAKS, CA 91360. Full name of registrant(s) is (are) VONTANA KOUT, DDS, CORPORATION 12131 VENTURA BLVD, STUDIO CITY, CA 91604. This Business is conducted by: CORPORATION. Signed: ZAREH M KOUYOUMDJIAN, PRESIDENT. This statement was filed with the County Clerk of Los Angeles County on 12/27/2019. The registrant(s) has (have) commenced to transact business under the fictitious business name or names listed above on N/A. NOTICE- This Fictitious Name Statement expires five years from the date it was filed in the office of the County Clerk. A new Fictitious Business Name Statement must be filed prior to that date. The filing of this statement does not of itself authorize the use in this state of a Fictitious Business Name in violation of the rights of another under Federal, State, or common law (See section 14411 et. seq. Business and Professions Code) Publish: ES Mountain Views News Jan 4, 11, 18, 25, 2020
FICTITIOUS BUSINESS NAME STATEMENT File No. 2019330305
The following person(s) is (are) doing business as: ACME ENGINEERING, 4540-4542 WOODMAN AVENUE, SHERMAN OAKS, CA 91423. Full name of registrant(s) is (are) OLESYA MINASYAN 806 ANDOVER DRIVE BURBANK, CA 91504. This Business is conducted by: INDIVIDUAL. Signed: OLESYA MINASYAN, OWNER. This statement was filed with the County Clerk of Los Angeles County on 12/27/2019. The registrant(s) has (have) commenced to transact business under the fictitious business name or names listed above on N/A. NOTICE- This Fictitious Name Statement expires five years from the date it was filed in the office of the County Clerk. A new Fictitious Business Name Statement must be filed prior to that date. The filing of this statement does not of itself authorize the use in this state of a Fictitious Business Name in violation of the rights of another under Federal, State, or common law (See section 14411 et. seq. Business and Professions Code) Publish: ES Mountain Views News Jan 4, 11, 18, 25, 2020
FICTITIOUS BUSINESS NAME STATEMENT File No. 2019330462
The following person(s) is (are) doing business as: MALIBU CONSTRUCTION, 18000 FOOTHILL BLVD UNIT 127, SYLMAR, CA 91342. Full name of registrant(s) is (are) DOC'S MALIBU CONSTRUCTION, 18000 FOOTHILL BLVD UNIT 127, SYLMAR, CA 91342. This Business is conducted by: CORPORATION. Signed: MALIBU CONSTRUCTION, ERMA J CACERES, PRESIDENT. This statement was filed with the County Clerk of Los Angeles County on 12/27/2019. The registrant(s) has (have) commenced to transact business under the fictitious business name or names listed above on N/A. NOTICE- This Fictitious Name Statement expires five years from the date it was filed in the office of the County Clerk. A new Fictitious Business Name Statement must be filed prior to that date. The filing of this statement does not of itself authorize the use in this state of a Fictitious Business Name in violation of the rights of another under Federal, State, or common law (See section 14411 et. seq. Business and Professions Code) Publish: ES Mountain Views News Jan 4, 11, 18, 25, 2020
FICTITIOUS BUSINESS NAME STATEMENT File No. 2019329260
The following person(s) is (are) doing business as: SAUCIER'S, 7523 WINNETKA AVENUE, LOS ANGELES, CA 91306. Full name of registrant(s) is (are) ARTHUR DONNELL MANN III 7523 WINNETKA AVENUE, LOS ANGELES, CA 91306. This Business is conducted by: INDIVIDUAL. Signed: ARTHUR DONNELL MANN III, OWNER. This statement was filed with the County Clerk of Los Angeles County on 12/26/2019. The registrant(s) has (have) commenced to transact business under the fictitious business name or names listed above on N/A. NOTICE- This Fictitious Name Statement expires five years from the date it was filed in the office of the County Clerk. A new Fictitious Business Name Statement must be filed prior to that date. The filing of this statement does not of itself authorize the use in this state of a Fictitious Business Name in violation of the rights of another under Federal, State, or common law (See section 14411 et. seq. Business and Professions Code) Publish: ES Mountain Views News Jan 4, 11, 18, 25, 2020
FICTITIOUS BUSINESS NAME STATEMENT File No. 2019330342
The following person(s) is (are) doing business as: ALARM INTERIOR DESIGN, 1155 ELM AVE APT 3, GLENDALE, CA 91201. Full name of registrant(s) is (are) ANNA AZIZYAN 1155 ELM AVE APT 3, GLENDALE, CA 91201. This Business is conducted by: INDIVIDUAL. Signed: ANNA AZIZYAN, OWNER. This statement was filed with the County Clerk of Los Angeles County on 12/27/2019. The registrant(s) has (have) commenced to transact business under the fictitious business name or names listed above on N/A. NOTICE- This Fictitious Name Statement expires five years from the date it was filed in the office of the County Clerk. A new Fictitious Business Name Statement must be filed prior to that date. The filing of this statement does not of itself authorize the use in this state of a Fictitious Business Name in violation of the rights of another under Federal, State, or common law (See section 14411 et. seq. Business and Professions Code) Publish: ES Mountain Views News Jan 4, 11, 18, 25, 2020
FICTITIOUS BUSINESS NAME STATEMENT File No. 2019329916
The following person(s) is (are) doing business as: LIGHT UP THE HOLIDAYS, 23401 VIA ESPLANDIA VALENCIA, CA 91355. Full name of registrant(s) is (are) ANTHONY JOHN JOBELL 23401 VIA ESPLANDIA VALENCIA, CA 91355. This Business is conducted by: INDIVIDUAL. Signed: ANTHONY JOHN JOBELL, OWNER. This statement was filed with the County Clerk of Los Angeles County on 12/27/2019. The registrant(s) has (have) commenced to transact business under the fictitious business name or names listed above on 11/2019. NOTICE- This Fictitious Name Statement expires five years from the date it was filed in the office of the County Clerk. A new Fictitious Business Name Statement must be filed prior to that date. The filing of this statement does not of itself authorize the use in this state of a Fictitious Business Name in violation of the rights of another under Federal, State, or common law (See section 14411 et. seq. Business and Professions Code) Publish: ES Mountain Views News Jan 4, 11, 18, 25, 2020
FICTITIOUS BUSINESS NAME STATEMENT File No. 2020000310
The following person(s) is (are) doing business as: BANYK CONCRETE CORP, 10519 MOUNT GLEASON AVE UNIT 1, SUNLAND, CA 91040. Full name of registrant(s) is (are) BANYK CONCRETE CORP, 10519 MOUNT GLEASON AVE UNIT 1, SUNLAND, CA 91040. This Business is conducted by: CORPORATION. Signed: BANYK CONCRETE CORP, NAZARIO MORALES, PRESIDENT. This statement was filed with the County Clerk of Los Angeles County on 01/02/2020. The registrant(s) has (have) commenced to transact business under the fictitious business name or names listed above on N/A. NOTICE- This Fictitious Name Statement expires five years from the date it was filed in the office of the County Clerk. A new Fictitious Business Name Statement must be filed prior to that date. The filing of this statement does not of itself authorize the use in this state of a Fictitious Business Name in violation of the rights of another under Federal, State, or common law (See section 14411 et. seq. Business and Professions Code) Publish: ES Mountain Views News Jan 4, 11, 18, 25, 2020
FICTITIOUS BUSINESS NAME STATEMENT File No. 2020000327
The following person(s) is (are) doing business as: TERRI LEFOLK ACCOUNTING, 1800 N KENWOOD ST, BURBANK, CA 91505. Full name of registrant(s) is (are) TERRI LEFOLK, 1800 N KENWOOD ST, BURBANK, CA 91505. This Business is conducted by: INDIVIDUAL. Signed: TERRI LEFOLK, OWNER. This statement was filed with the County Clerk of Los Angeles County on 01/02/2020. The registrant(s) has (have) commenced to transact business under the fictitious business name or names listed above on 01/2020. NOTICE- This Fictitious Name Statement expires five years from the date it was filed in the office of the County Clerk. A new Fictitious Business Name Statement must be filed prior to that date. The filing of this statement does not of itself authorize the use in this state of a Fictitious Business Name in violation of the rights of another under Federal, State, or common law (See section 14411 et. seq. Business and Professions Code) Publish: ES Mountain Views News Jan 4, 11, 18, 25, 2020
Mountain Views News 80 W Sierra Madre Blvd. No. 327 Sierra Madre, Ca. 91024 Office: 626.355.2737 Fax: 626.609.3285 Email: editor@mtnviewsnews.com Website: www.mtnviewsnews.com
